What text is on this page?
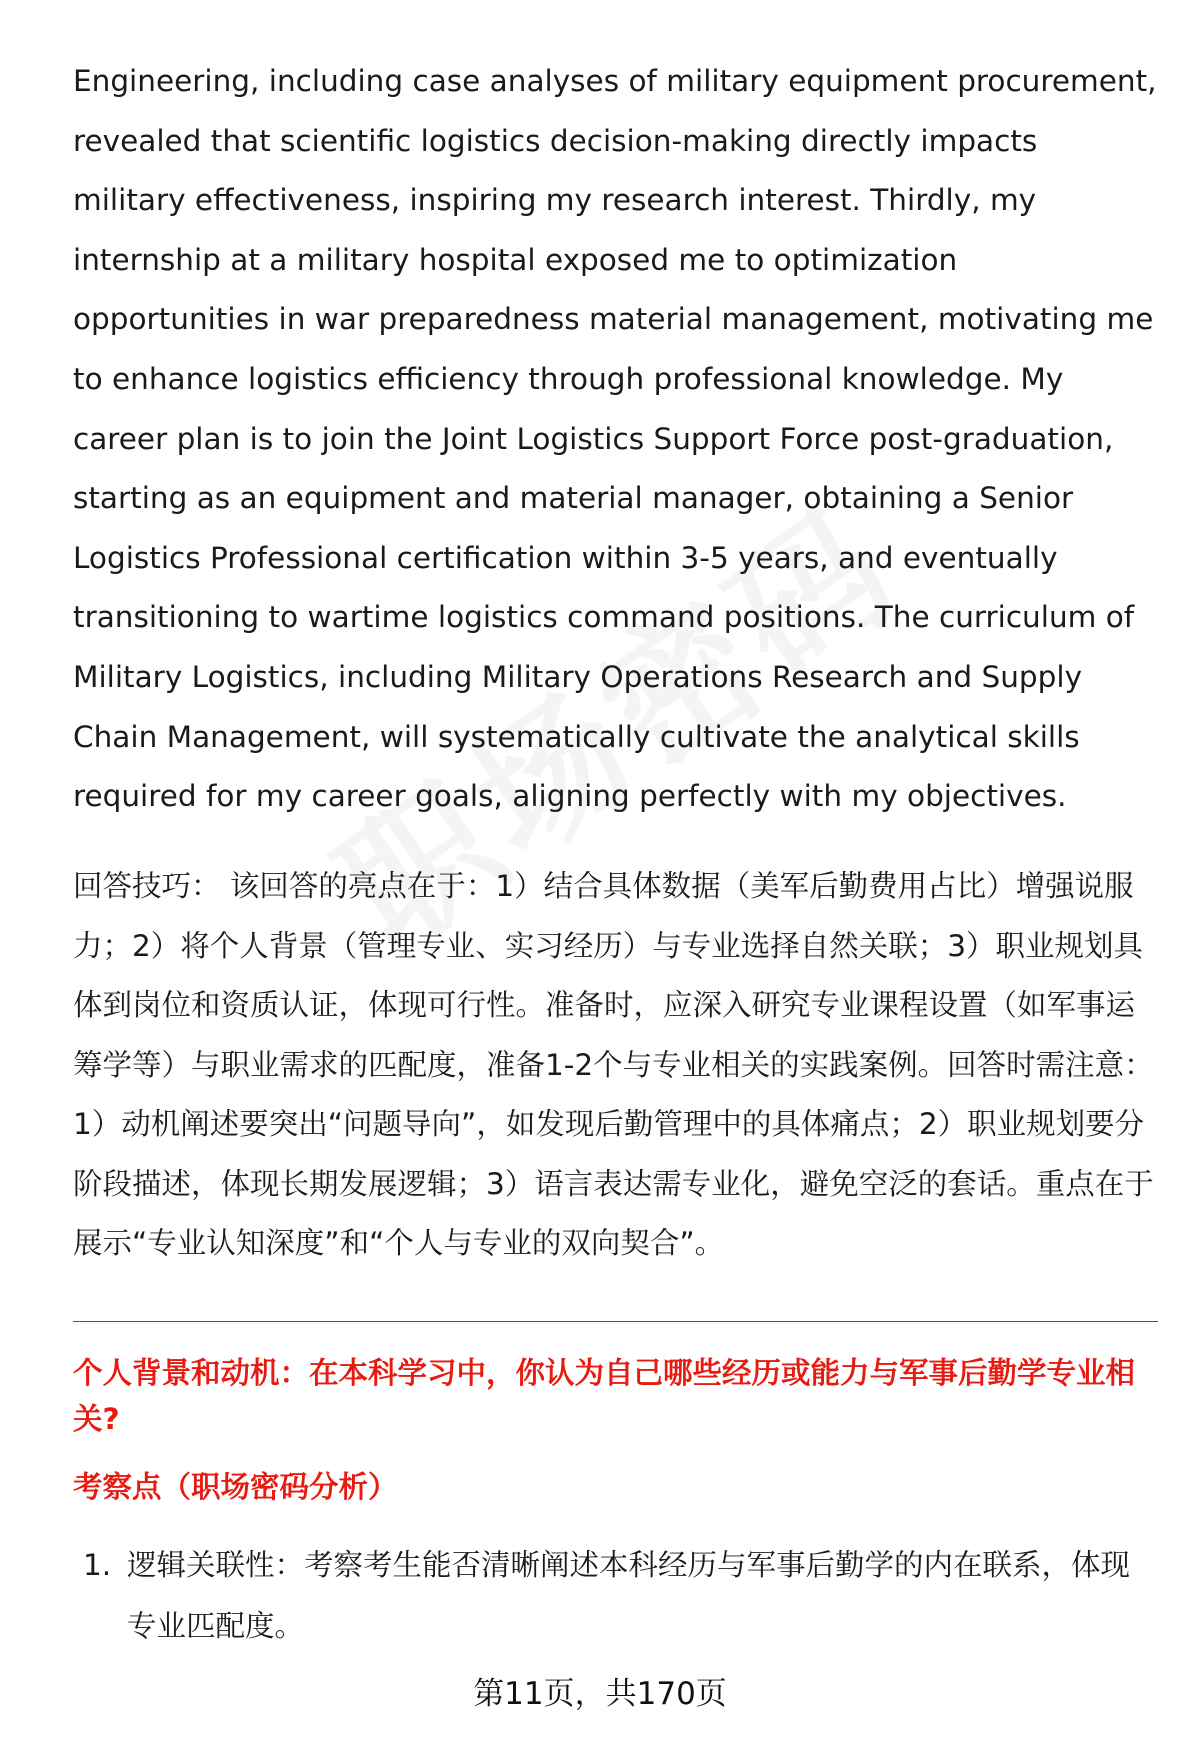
Engineering, including case analyses of military equipment procurement, revealed that scientific logistics decision-making directly impacts military effectiveness, inspiring my research interest. Thirdly, my internship at a military hospital exposed me to optimization opportunities in war preparedness material management, motivating me to enhance logistics efficiency through professional knowledge. My career plan is to join the Joint Logistics Support Force post-graduation, starting as an equipment and material manager, obtaining a Senior Logistics Professional certification within 3-5 years, and eventually transitioning to wartime logistics command positions. The curriculum of Military Logistics, including Military Operations Research and Supply Chain Management, will systematically cultivate the analytical skills required for my career goals, aligning perfectly with my objectives.

回答技巧： 该回答的亮点在于：1）结合具体数据（美军后勤费用占比）增强说服力；2）将个人背景（管理专业、实习经历）与专业选择自然关联；3）职业规划具体到岗位和资质认证，体现可行性。准备时，应深入研究专业课程设置（如军事运筹学等）与职业需求的匹配度，准备1-2个与专业相关的实践案例。回答时需注意：1）动机阐述要突出“问题导向”，如发现后勤管理中的具体痛点；2）职业规划要分阶段描述，体现长期发展逻辑；3）语言表达需专业化，避免空泛的套话。重点在于展示“专业认知深度”和“个人与专业的双向契合”。

个人背景和动机：在本科学习中，你认为自己哪些经历或能力与军事后勤学专业相关?

考察点（职场密码分析）

1. 逻辑关联性：考察考生能否清晰阐述本科经历与军事后勤学的内在联系，体现专业匹配度。
第11页，共170页
